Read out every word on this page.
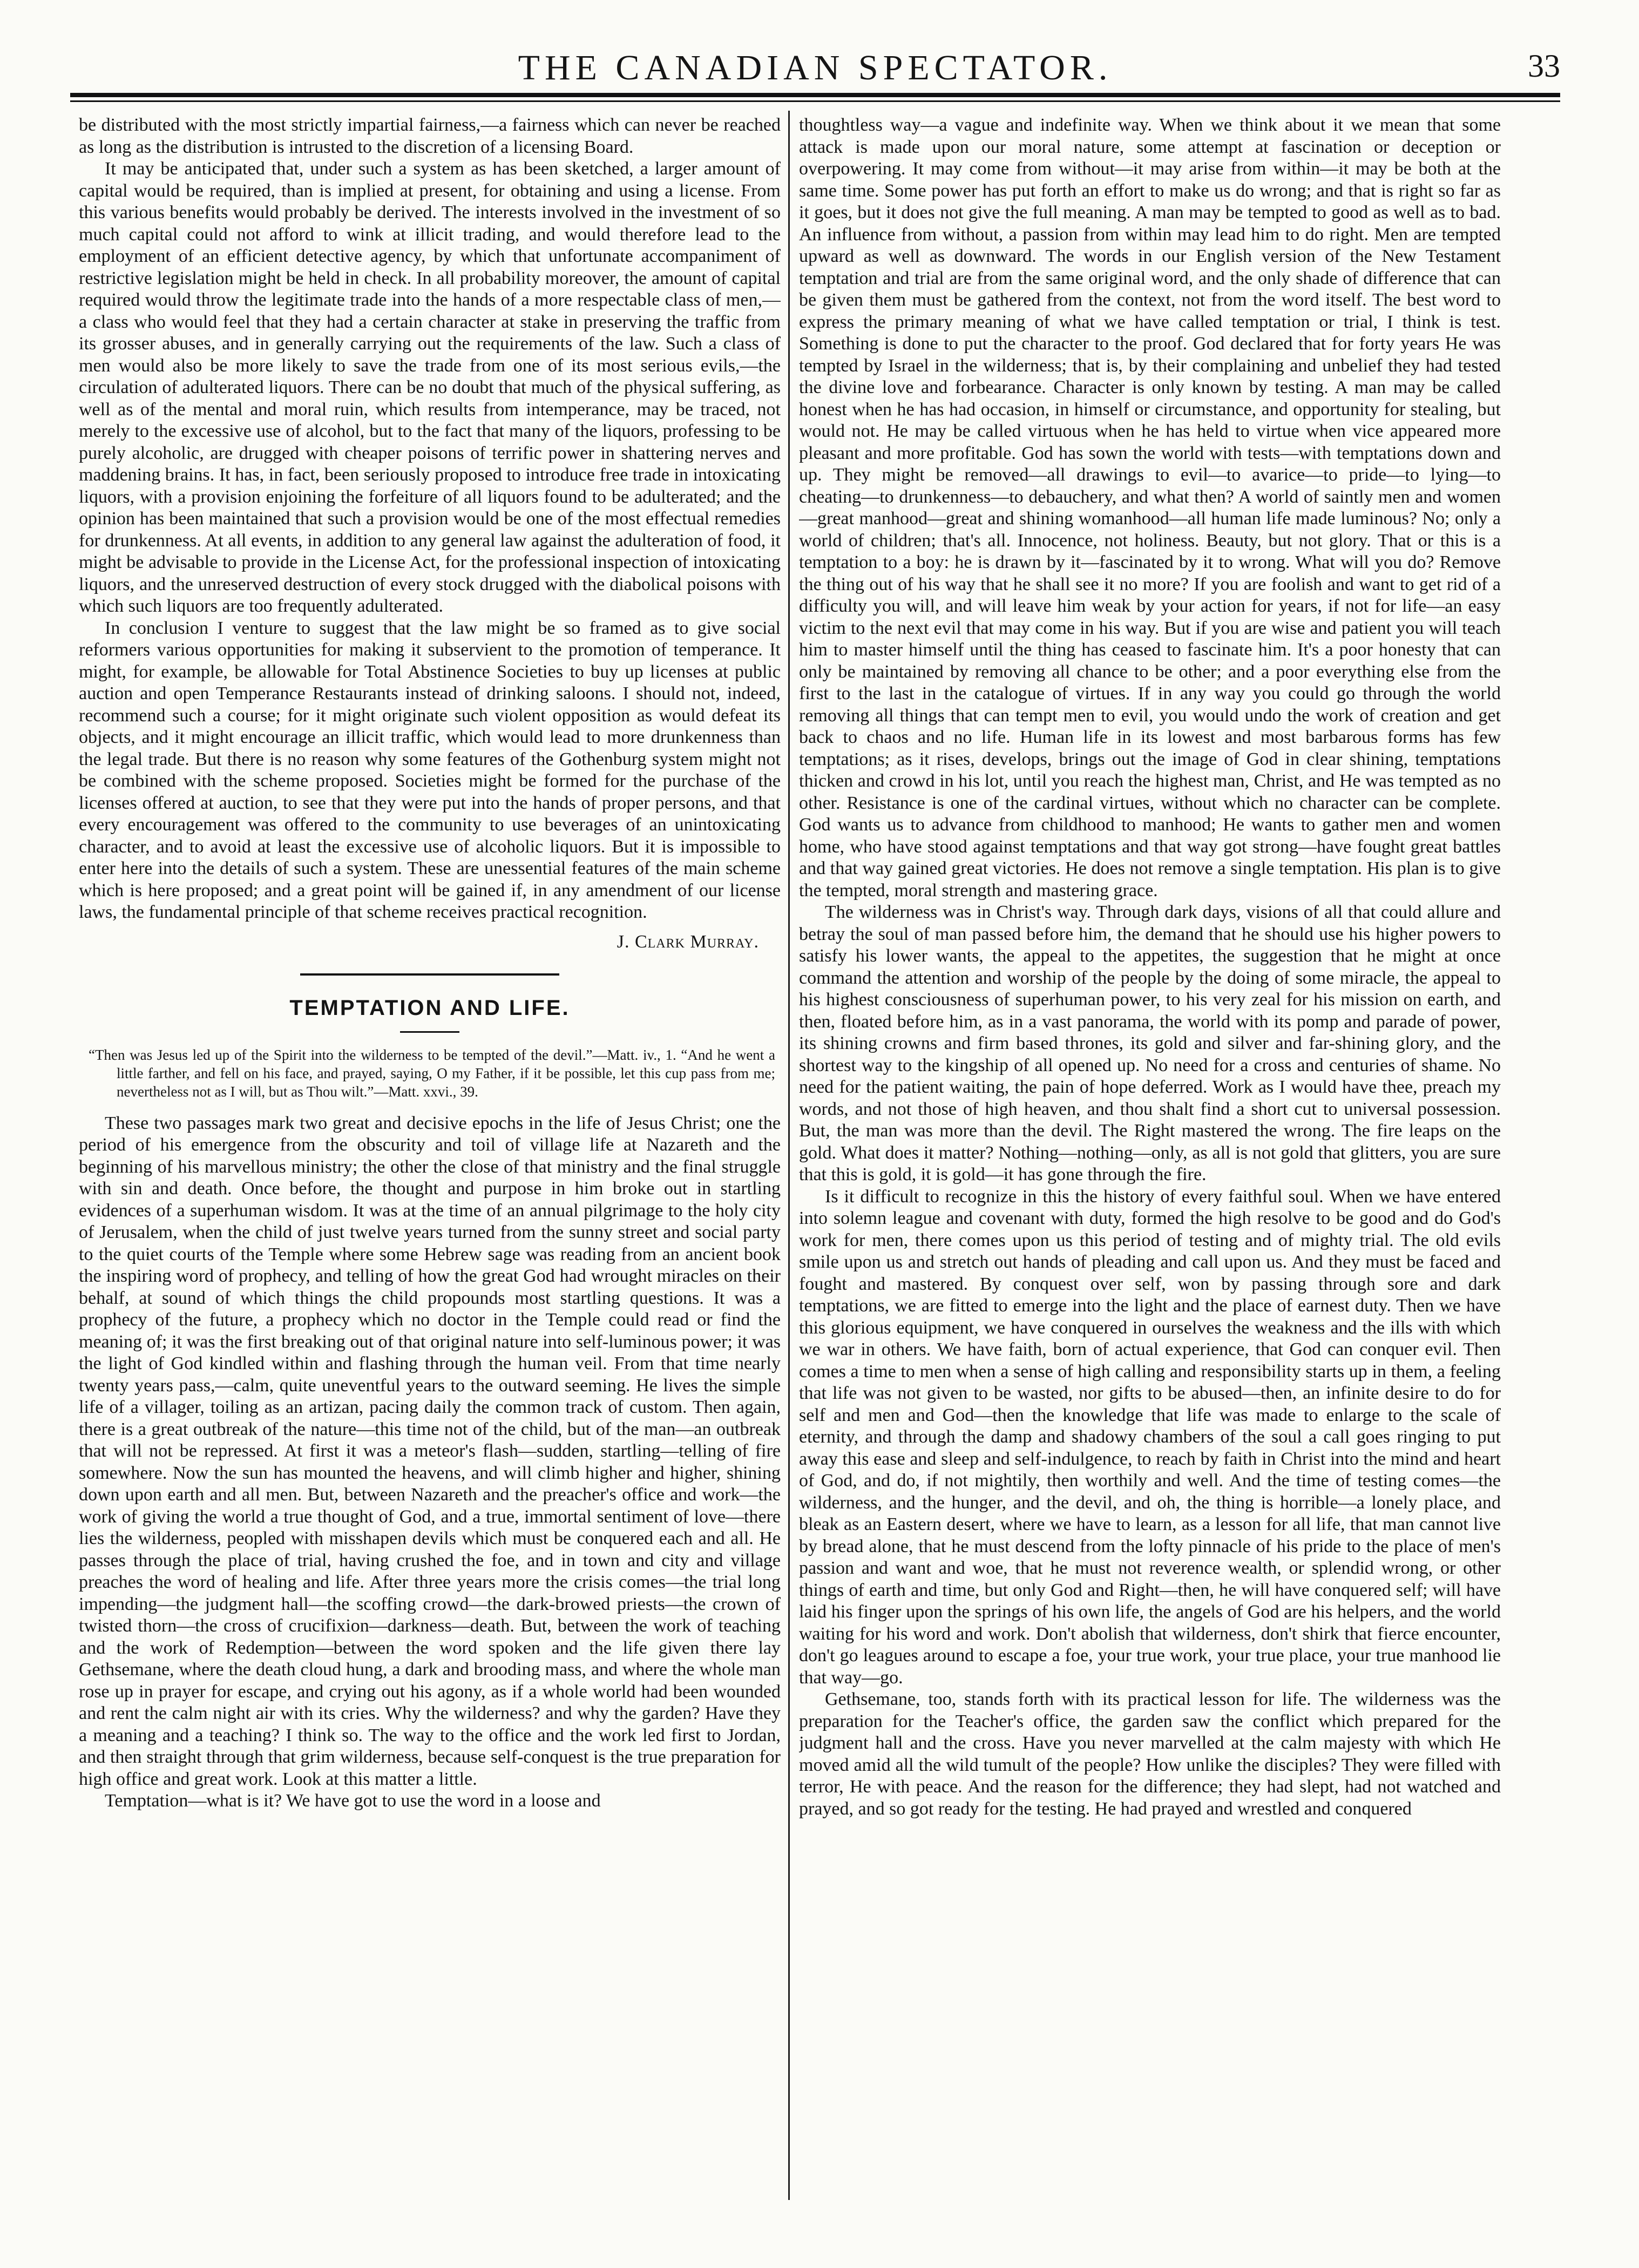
THE CANADIAN SPECTATOR.	33

be distributed with the most strictly impartial fairness,—a fairness which can never be reached as long as the distribution is intrusted to the discretion of a licensing Board.

It may be anticipated that, under such a system as has been sketched, a larger amount of capital would be required, than is implied at present, for obtaining and using a license. From this various benefits would probably be derived. The interests involved in the investment of so much capital could not afford to wink at illicit trading, and would therefore lead to the employment of an efficient detective agency, by which that unfortunate accompaniment of restrictive legislation might be held in check. In all probability moreover, the amount of capital required would throw the legitimate trade into the hands of a more respectable class of men,—a class who would feel that they had a certain character at stake in preserving the traffic from its grosser abuses, and in generally carrying out the requirements of the law. Such a class of men would also be more likely to save the trade from one of its most serious evils,—the circulation of adulterated liquors. There can be no doubt that much of the physical suffering, as well as of the mental and moral ruin, which results from intemperance, may be traced, not merely to the excessive use of alcohol, but to the fact that many of the liquors, professing to be purely alcoholic, are drugged with cheaper poisons of terrific power in shattering nerves and maddening brains. It has, in fact, been seriously proposed to introduce free trade in intoxicating liquors, with a provision enjoining the forfeiture of all liquors found to be adulterated; and the opinion has been maintained that such a provision would be one of the most effectual remedies for drunkenness. At all events, in addition to any general law against the adulteration of food, it might be advisable to provide in the License Act, for the professional inspection of intoxicating liquors, and the unreserved destruction of every stock drugged with the diabolical poisons with which such liquors are too frequently adulterated.

In conclusion I venture to suggest that the law might be so framed as to give social reformers various opportunities for making it subservient to the promotion of temperance. It might, for example, be allowable for Total Abstinence Societies to buy up licenses at public auction and open Temperance Restaurants instead of drinking saloons. I should not, indeed, recommend such a course; for it might originate such violent opposition as would defeat its objects, and it might encourage an illicit traffic, which would lead to more drunkenness than the legal trade. But there is no reason why some features of the Gothenburg system might not be combined with the scheme proposed. Societies might be formed for the purchase of the licenses offered at auction, to see that they were put into the hands of proper persons, and that every encouragement was offered to the community to use beverages of an unintoxicating character, and to avoid at least the excessive use of alcoholic liquors. But it is impossible to enter here into the details of such a system. These are unessential features of the main scheme which is here proposed; and a great point will be gained if, in any amendment of our license laws, the fundamental principle of that scheme receives practical recognition.

J. Clark Murray.
TEMPTATION AND LIFE.
“Then was Jesus led up of the Spirit into the wilderness to be tempted of the devil.”—Matt. iv., 1. “And he went a little farther, and fell on his face, and prayed, saying, O my Father, if it be possible, let this cup pass from me; nevertheless not as I will, but as Thou wilt.”—Matt. xxvi., 39.

These two passages mark two great and decisive epochs in the life of Jesus Christ; one the period of his emergence from the obscurity and toil of village life at Nazareth and the beginning of his marvellous ministry; the other the close of that ministry and the final struggle with sin and death. Once before, the thought and purpose in him broke out in startling evidences of a superhuman wisdom. It was at the time of an annual pilgrimage to the holy city of Jerusalem, when the child of just twelve years turned from the sunny street and social party to the quiet courts of the Temple where some Hebrew sage was reading from an ancient book the inspiring word of prophecy, and telling of how the great God had wrought miracles on their behalf, at sound of which things the child propounds most startling questions. It was a prophecy of the future, a prophecy which no doctor in the Temple could read or find the meaning of; it was the first breaking out of that original nature into self-luminous power; it was the light of God kindled within and flashing through the human veil. From that time nearly twenty years pass,—calm, quite uneventful years to the outward seeming. He lives the simple life of a villager, toiling as an artizan, pacing daily the common track of custom. Then again, there is a great outbreak of the nature—this time not of the child, but of the man—an outbreak that will not be repressed. At first it was a meteor's flash—sudden, startling—telling of fire somewhere. Now the sun has mounted the heavens, and will climb higher and higher, shining down upon earth and all men. But, between Nazareth and the preacher's office and work—the work of giving the world a true thought of God, and a true, immortal sentiment of love—there lies the wilderness, peopled with misshapen devils which must be conquered each and all. He passes through the place of trial, having crushed the foe, and in town and city and village preaches the word of healing and life. After three years more the crisis comes—the trial long impending—the judgment hall—the scoffing crowd—the dark-browed priests—the crown of twisted thorn—the cross of crucifixion—darkness—death. But, between the work of teaching and the work of Redemption—between the word spoken and the life given there lay Gethsemane, where the death cloud hung, a dark and brooding mass, and where the whole man rose up in prayer for escape, and crying out his agony, as if a whole world had been wounded and rent the calm night air with its cries. Why the wilderness? and why the garden? Have they a meaning and a teaching? I think so. The way to the office and the work led first to Jordan, and then straight through that grim wilderness, because self-conquest is the true preparation for high office and great work. Look at this matter a little.

Temptation—what is it? We have got to use the word in a loose and

thoughtless way—a vague and indefinite way. When we think about it we mean that some attack is made upon our moral nature, some attempt at fascination or deception or overpowering. It may come from without—it may arise from within—it may be both at the same time. Some power has put forth an effort to make us do wrong; and that is right so far as it goes, but it does not give the full meaning. A man may be tempted to good as well as to bad. An influence from without, a passion from within may lead him to do right. Men are tempted upward as well as downward. The words in our English version of the New Testament temptation and trial are from the same original word, and the only shade of difference that can be given them must be gathered from the context, not from the word itself. The best word to express the primary meaning of what we have called temptation or trial, I think is test. Something is done to put the character to the proof. God declared that for forty years He was tempted by Israel in the wilderness; that is, by their complaining and unbelief they had tested the divine love and forbearance. Character is only known by testing. A man may be called honest when he has had occasion, in himself or circumstance, and opportunity for stealing, but would not. He may be called virtuous when he has held to virtue when vice appeared more pleasant and more profitable. God has sown the world with tests—with temptations down and up. They might be removed—all drawings to evil—to avarice—to pride—to lying—to cheating—to drunkenness—to debauchery, and what then? A world of saintly men and women—great manhood—great and shining womanhood—all human life made luminous? No; only a world of children; that's all. Innocence, not holiness. Beauty, but not glory. That or this is a temptation to a boy: he is drawn by it—fascinated by it to wrong. What will you do? Remove the thing out of his way that he shall see it no more? If you are foolish and want to get rid of a difficulty you will, and will leave him weak by your action for years, if not for life—an easy victim to the next evil that may come in his way. But if you are wise and patient you will teach him to master himself until the thing has ceased to fascinate him. It's a poor honesty that can only be maintained by removing all chance to be other; and a poor everything else from the first to the last in the catalogue of virtues. If in any way you could go through the world removing all things that can tempt men to evil, you would undo the work of creation and get back to chaos and no life. Human life in its lowest and most barbarous forms has few temptations; as it rises, develops, brings out the image of God in clear shining, temptations thicken and crowd in his lot, until you reach the highest man, Christ, and He was tempted as no other. Resistance is one of the cardinal virtues, without which no character can be complete. God wants us to advance from childhood to manhood; He wants to gather men and women home, who have stood against temptations and that way got strong—have fought great battles and that way gained great victories. He does not remove a single temptation. His plan is to give the tempted, moral strength and mastering grace.

The wilderness was in Christ's way. Through dark days, visions of all that could allure and betray the soul of man passed before him, the demand that he should use his higher powers to satisfy his lower wants, the appeal to the appetites, the suggestion that he might at once command the attention and worship of the people by the doing of some miracle, the appeal to his highest consciousness of superhuman power, to his very zeal for his mission on earth, and then, floated before him, as in a vast panorama, the world with its pomp and parade of power, its shining crowns and firm based thrones, its gold and silver and far-shining glory, and the shortest way to the kingship of all opened up. No need for a cross and centuries of shame. No need for the patient waiting, the pain of hope deferred. Work as I would have thee, preach my words, and not those of high heaven, and thou shalt find a short cut to universal possession. But, the man was more than the devil. The Right mastered the wrong. The fire leaps on the gold. What does it matter? Nothing—nothing—only, as all is not gold that glitters, you are sure that this is gold, it is gold—it has gone through the fire.

Is it difficult to recognize in this the history of every faithful soul. When we have entered into solemn league and covenant with duty, formed the high resolve to be good and do God's work for men, there comes upon us this period of testing and of mighty trial. The old evils smile upon us and stretch out hands of pleading and call upon us. And they must be faced and fought and mastered. By conquest over self, won by passing through sore and dark temptations, we are fitted to emerge into the light and the place of earnest duty. Then we have this glorious equipment, we have conquered in ourselves the weakness and the ills with which we war in others. We have faith, born of actual experience, that God can conquer evil. Then comes a time to men when a sense of high calling and responsibility starts up in them, a feeling that life was not given to be wasted, nor gifts to be abused—then, an infinite desire to do for self and men and God—then the knowledge that life was made to enlarge to the scale of eternity, and through the damp and shadowy chambers of the soul a call goes ringing to put away this ease and sleep and self-indulgence, to reach by faith in Christ into the mind and heart of God, and do, if not mightily, then worthily and well. And the time of testing comes—the wilderness, and the hunger, and the devil, and oh, the thing is horrible—a lonely place, and bleak as an Eastern desert, where we have to learn, as a lesson for all life, that man cannot live by bread alone, that he must descend from the lofty pinnacle of his pride to the place of men's passion and want and woe, that he must not reverence wealth, or splendid wrong, or other things of earth and time, but only God and Right—then, he will have conquered self; will have laid his finger upon the springs of his own life, the angels of God are his helpers, and the world waiting for his word and work. Don't abolish that wilderness, don't shirk that fierce encounter, don't go leagues around to escape a foe, your true work, your true place, your true manhood lie that way—go.

Gethsemane, too, stands forth with its practical lesson for life. The wilderness was the preparation for the Teacher's office, the garden saw the conflict which prepared for the judgment hall and the cross. Have you never marvelled at the calm majesty with which He moved amid all the wild tumult of the people? How unlike the disciples? They were filled with terror, He with peace. And the reason for the difference; they had slept, had not watched and prayed, and so got ready for the testing. He had prayed and wrestled and conquered
